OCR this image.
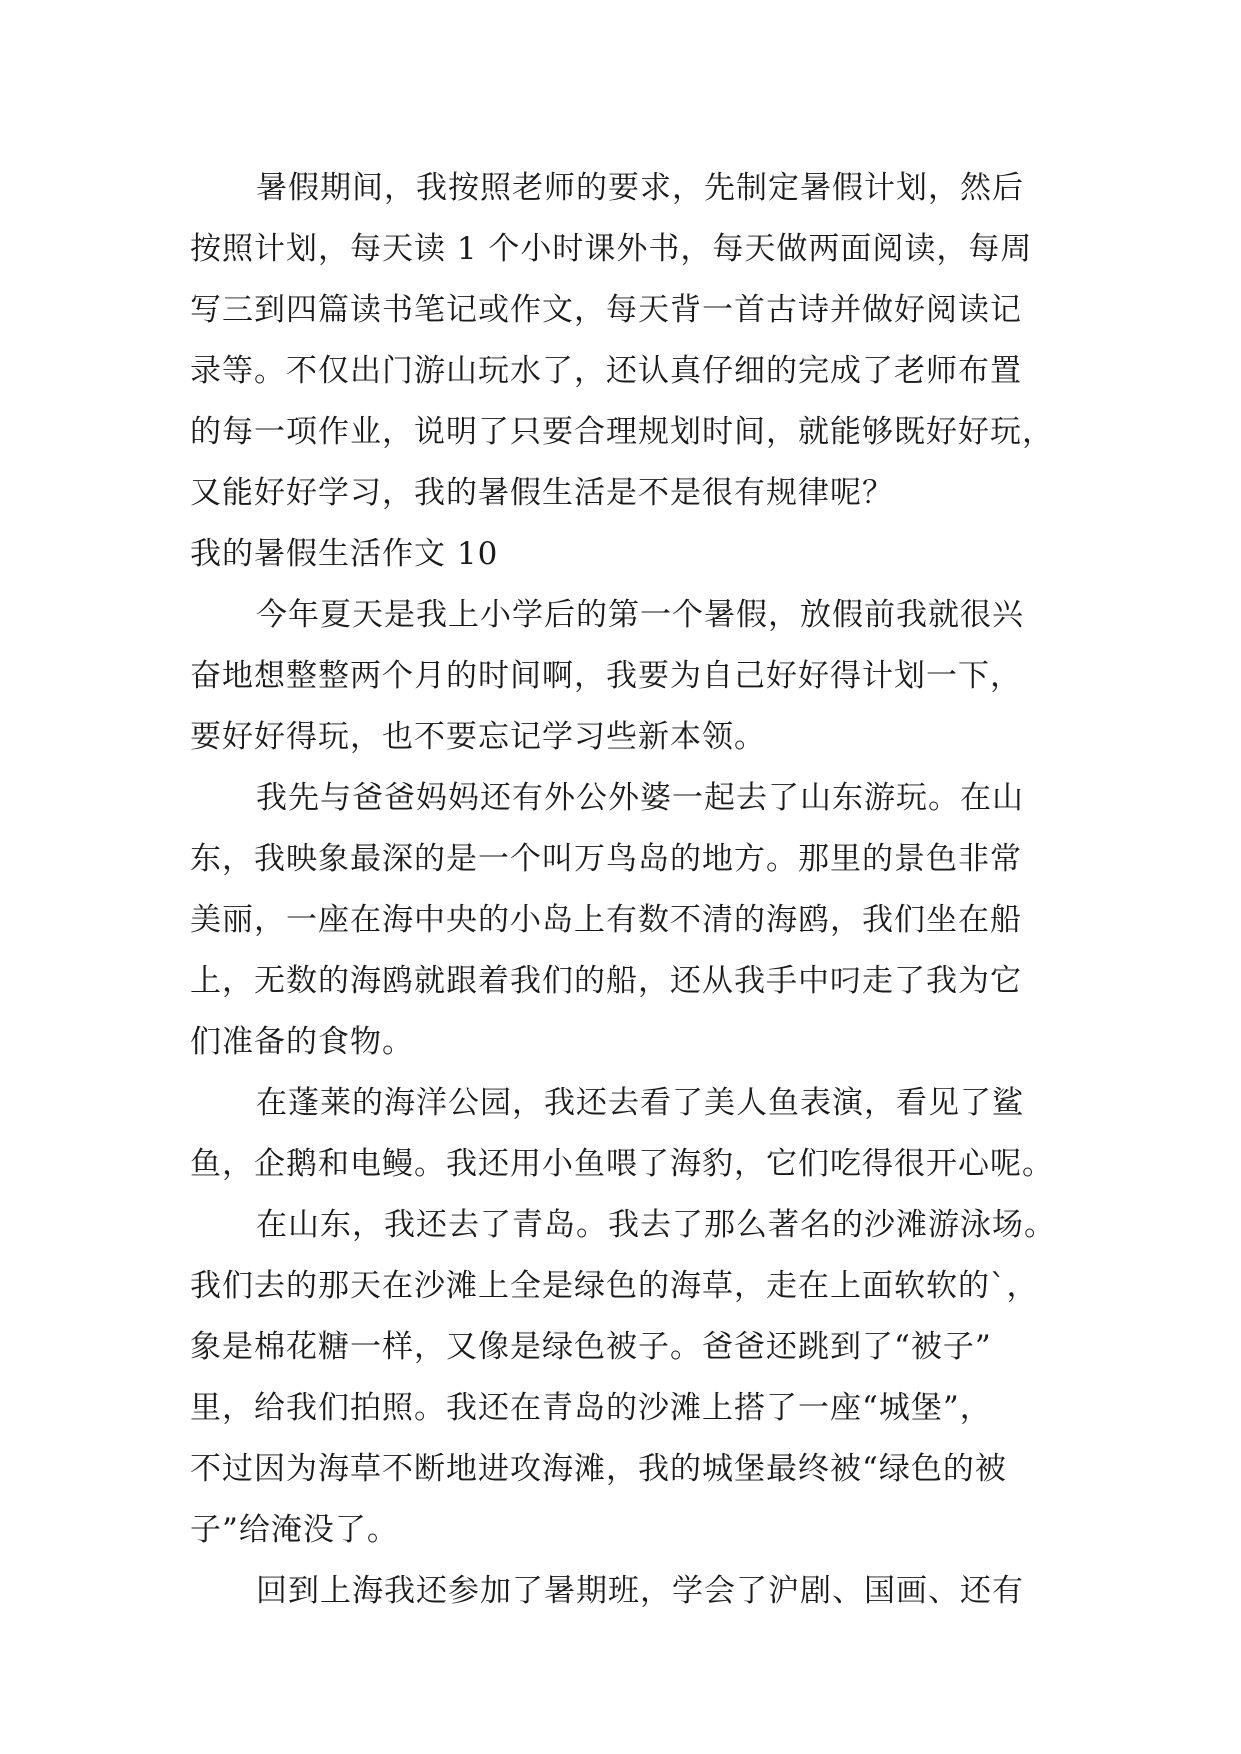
暑假期间，我按照老师的要求，先制定暑假计划，然后
按照计划，每天读 1 个小时课外书，每天做两面阅读，每周
写三到四篇读书笔记或作文，每天背一首古诗并做好阅读记
录等。不仅出门游山玩水了，还认真仔细的完成了老师布置
的每一项作业，说明了只要合理规划时间，就能够既好好玩，
又能好好学习，我的暑假生活是不是很有规律呢？
我的暑假生活作文 10
今年夏天是我上小学后的第一个暑假，放假前我就很兴
奋地想整整两个月的时间啊，我要为自己好好得计划一下，
要好好得玩，也不要忘记学习些新本领。
我先与爸爸妈妈还有外公外婆一起去了山东游玩。在山
东，我映象最深的是一个叫万鸟岛的地方。那里的景色非常
美丽，一座在海中央的小岛上有数不清的海鸥，我们坐在船
上，无数的海鸥就跟着我们的船，还从我手中叼走了我为它
们准备的食物。
在蓬莱的海洋公园，我还去看了美人鱼表演，看见了鲨
鱼，企鹅和电鳗。我还用小鱼喂了海豹，它们吃得很开心呢。
在山东，我还去了青岛。我去了那么著名的沙滩游泳场。
我们去的那天在沙滩上全是绿色的海草，走在上面软软的`，
象是棉花糖一样，又像是绿色被子。爸爸还跳到了“被子”
里，给我们拍照。我还在青岛的沙滩上搭了一座“城堡”，
不过因为海草不断地进攻海滩，我的城堡最终被“绿色的被
子”给淹没了。
回到上海我还参加了暑期班，学会了沪剧、国画、还有
